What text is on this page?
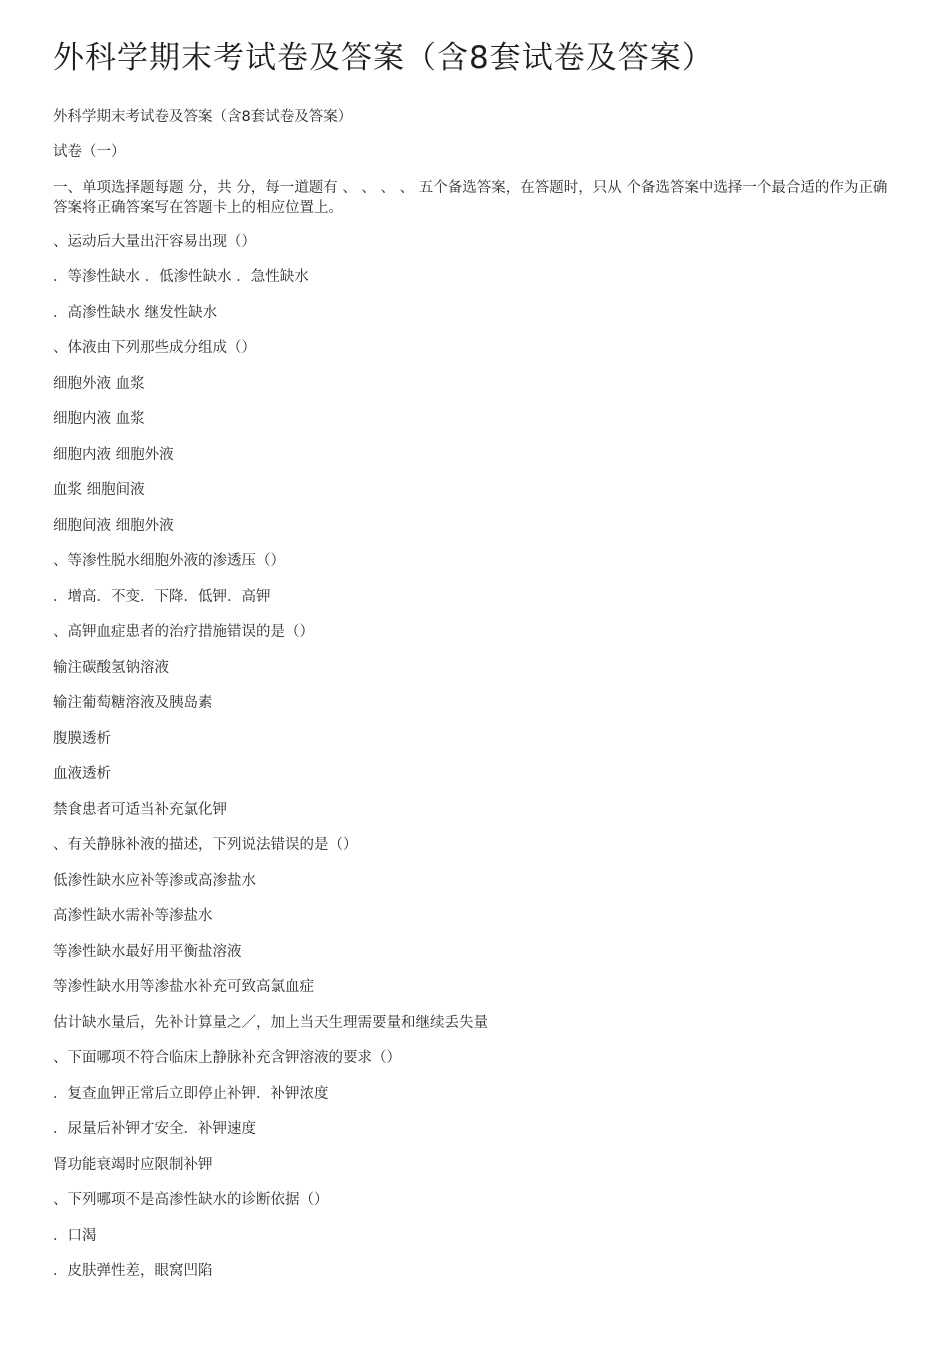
外科学期末考试卷及答案（含8套试卷及答案）

外科学期末考试卷及答案（含8套试卷及答案）

试卷（一）

一、单项选择题每题 分，共 分，每一道题有 、 、 、 、 五个备选答案，在答题时，只从 个备选答案中选择一个最合适的作为正确答案将正确答案写在答题卡上的相应位置上。

、运动后大量出汗容易出现（）

．等渗性缺水 ．低渗性缺水 ．急性缺水

．高渗性缺水 继发性缺水

、体液由下列那些成分组成（）

细胞外液 血浆

细胞内液 血浆

细胞内液 细胞外液

血浆 细胞间液

细胞间液 细胞外液

、等渗性脱水细胞外液的渗透压（）

．增高．不变．下降．低钾．高钾

、高钾血症患者的治疗措施错误的是（）

输注碳酸氢钠溶液

输注葡萄糖溶液及胰岛素

腹膜透析

血液透析

禁食患者可适当补充氯化钾

、有关静脉补液的描述，下列说法错误的是（）

低渗性缺水应补等渗或高渗盐水

高渗性缺水需补等渗盐水

等渗性缺水最好用平衡盐溶液

等渗性缺水用等渗盐水补充可致高氯血症

估计缺水量后，先补计算量之／，加上当天生理需要量和继续丢失量

、下面哪项不符合临床上静脉补充含钾溶液的要求（）

．复查血钾正常后立即停止补钾．补钾浓度

．尿量后补钾才安全．补钾速度

肾功能衰竭时应限制补钾

、下列哪项不是高渗性缺水的诊断依据（）

．口渴

．皮肤弹性差，眼窝凹陷
